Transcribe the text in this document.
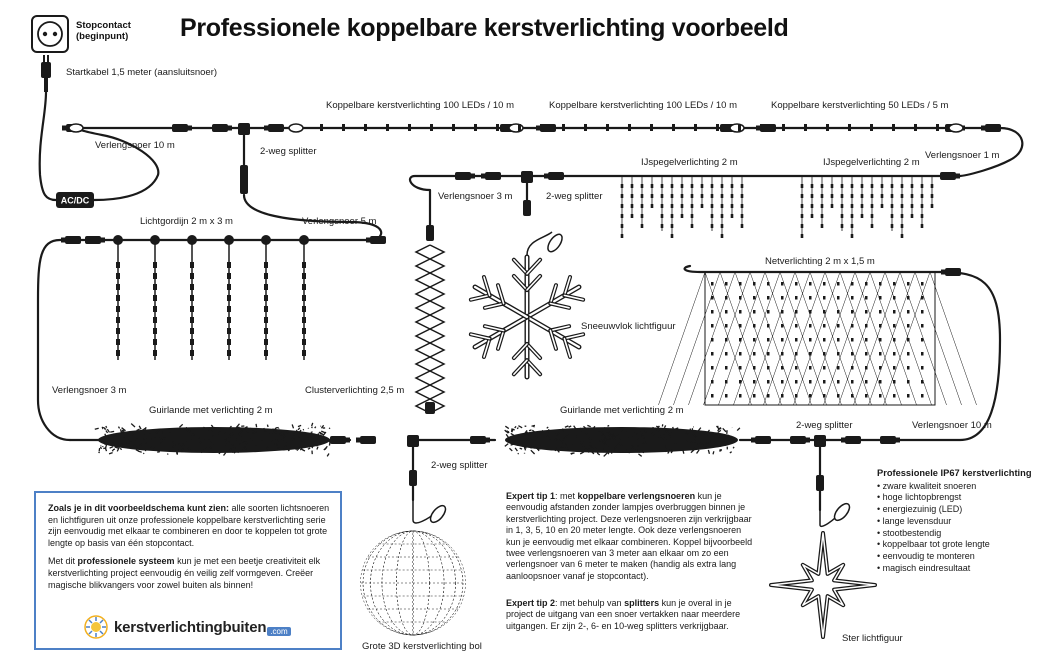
AC/DC
Startkabel 1,5 meter (aansluitsnoer)
Verlengsnoer 10 m
2-weg splitter
Verlengsnoer 5 m
Koppelbare kerstverlichting 100 LEDs / 10 m	Koppelbare kerstverlichting 100 LEDs / 10 m	Koppelbare kerstverlichting 50 LEDs / 5 m
Verlengsnoer 1 m
IJspegelverlichting 2 m	IJspegelverlichting 2 m
Verlengsnoer 3 m	2-weg splitter
Lichtgordijn 2 m x 3 m
Sneeuwvlok lichtfiguur
Netverlichting 2 m x 1,5 m
Verlengsnoer 3 m	Clusterverlichting 2,5 m
Guirlande met verlichting 2 m	Guirlande met verlichting 2 m
2-weg splitter	Verlengsnoer 10 m
2-weg splitter
Grote 3D kerstverlichting bol
Ster lichtfiguur
Professionele koppelbare kerstverlichting voorbeeld
Stopcontact
(beginpunt)

Zoals je in dit voorbeeldschema kunt zien: alle soorten lichtsnoeren en lichtfiguren uit onze professionele koppelbare kerstverlichting serie zijn eenvoudig met elkaar te combineren en door te koppelen tot grote lengte op basis van één stopcontact.

Met dit professionele systeem kun je met een beetje creativiteit elk kerstverlichting project eenvoudig én veilig zelf vormgeven. Creëer magische blikvangers voor zowel buiten als binnen!

kerstverlichtingbuiten .com

Expert tip 1: met koppelbare verlengsnoeren kun je eenvoudig afstanden zonder lampjes overbruggen binnen je kerstverlichting project. Deze verlengsnoeren zijn verkrijgbaar in 1, 3, 5, 10 en 20 meter lengte. Ook deze verlengsnoeren kun je eenvoudig met elkaar combineren. Koppel bijvoorbeeld twee verlengsnoeren van 3 meter aan elkaar om zo een verlengsnoer van 6 meter te maken (handig als extra lang aanloopsnoer vanaf je stopcontact).

Expert tip 2: met behulp van splitters kun je overal in je project de uitgang van een snoer vertakken naar meerdere uitgangen. Er zijn 2-, 6- en 10-weg splitters verkrijgbaar.

Professionele IP67 kerstverlichting
• zware kwaliteit snoeren
• hoge lichtopbrengst
• energiezuinig (LED)
• lange levensduur
• stootbestendig
• koppelbaar tot grote lengte
• eenvoudig te monteren
• magisch eindresultaat
